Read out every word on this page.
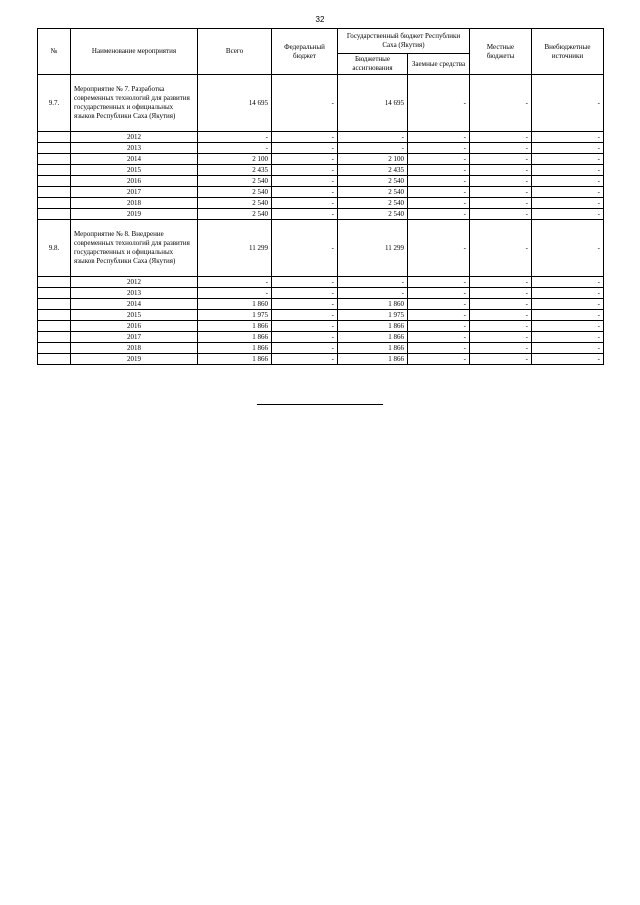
32
№	Наименование мероприятия	Всего	Федеральный бюджет	Государственный бюджет Республики Саха (Якутия)		Местные бюджеты	Внебюджетные источники
				Бюджетные ассигнования	Заемные средства		
9.7.	Мероприятие № 7. Разработка современных технологий для развития государственных и официальных языков Республики Саха (Якутия)	14 695	-	14 695	-	-	-
	2012	-	-	-	-	-	-
	2013	-	-	-	-	-	-
	2014	2 100	-	2 100	-	-	-
	2015	2 435	-	2 435	-	-	-
	2016	2 540	-	2 540	-	-	-
	2017	2 540	-	2 540	-	-	-
	2018	2 540	-	2 540	-	-	-
	2019	2 540	-	2 540	-	-	-
9.8.	Мероприятие № 8. Внедрение современных технологий для развития государственных и официальных языков Республики Саха (Якутия)	11 299	-	11 299	-	-	-
	2012	-	-	-	-	-	-
	2013	-	-	-	-	-	-
	2014	1 860	-	1 860	-	-	-
	2015	1 975	-	1 975	-	-	-
	2016	1 866	-	1 866	-	-	-
	2017	1 866	-	1 866	-	-	-
	2018	1 866	-	1 866	-	-	-
	2019	1 866	-	1 866	-	-	-
